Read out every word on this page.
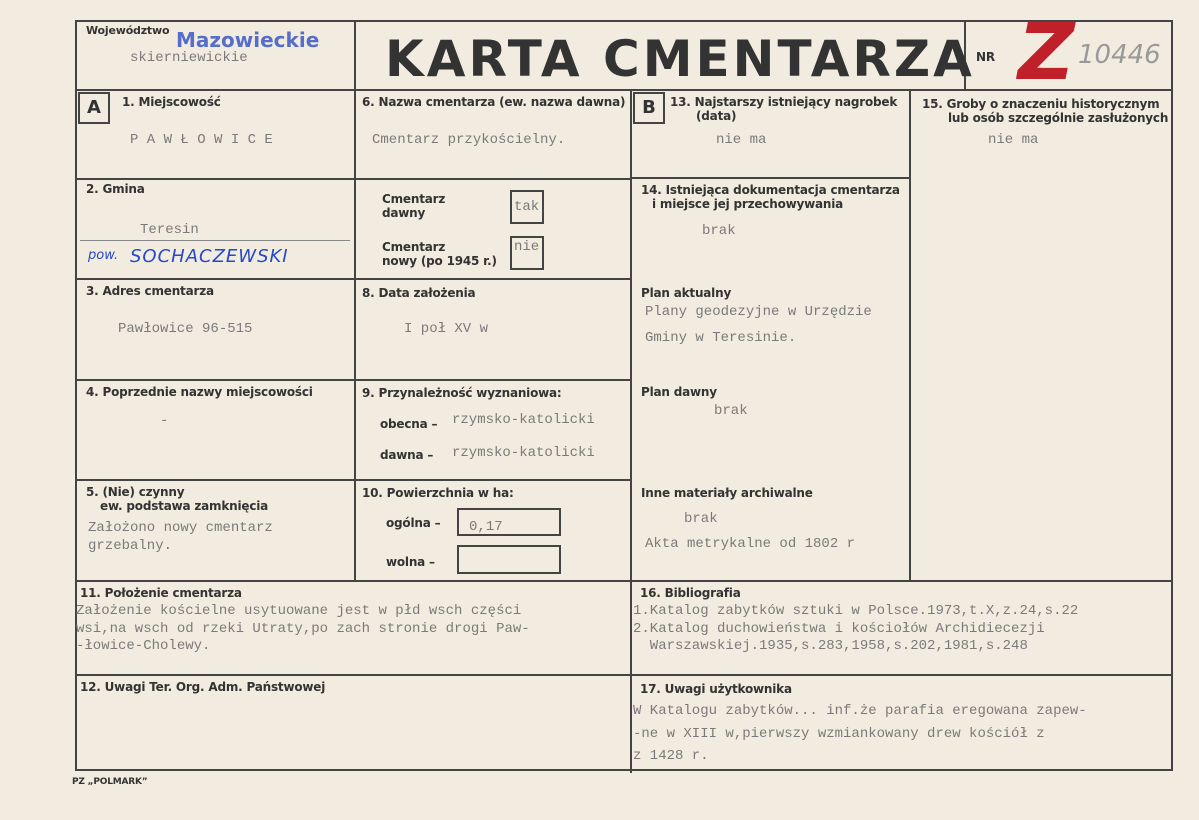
Województwo Mazowieckie
skierniewickie	KARTA CMENTARZA NR Z 10446
A	B
1. Miejscowość
P A W Ł O W I C E
2. Gmina
Teresin
pow. SOCHACZEWSKI
3. Adres cmentarza
Pawłowice 96-515
4. Poprzednie nazwy miejscowości
-
5. (Nie) czynny
ew. podstawa zamknięcia
Założono nowy cmentarz
grzebalny.
6. Nazwa cmentarza (ew. nazwa dawna)
Cmentarz przykościelny.
Cmentarz
dawny	tak
Cmentarz
nowy (po 1945 r.)
nie
8. Data założenia
I poł XV w
9. Przynależność wyznaniowa:
obecna – rzymsko-katolicki
dawna – rzymsko-katolicki
10. Powierzchnia w ha:
ogólna –	0,17
wolna –
13. Najstarszy istniejący nagrobek
(data)
nie ma
14. Istniejąca dokumentacja cmentarza
i miejsce jej przechowywania
brak
Plan aktualny
Plany geodezyjne w Urzędzie
Gminy w Teresinie.
Plan dawny
brak
Inne materiały archiwalne
brak
Akta metrykalne od 1802 r
15. Groby o znaczeniu historycznym
lub osób szczególnie zasłużonych
nie ma
11. Położenie cmentarza
Założenie kościelne usytuowane jest w płd wsch części
wsi,na wsch od rzeki Utraty,po zach stronie drogi Paw-
-łowice-Cholewy.
12. Uwagi Ter. Org. Adm. Państwowej
16. Bibliografia
1.Katalog zabytków sztuki w Polsce.1973,t.X,z.24,s.22
2.Katalog duchowieństwa i kościołów Archidiecezji
Warszawskiej.1935,s.283,1958,s.202,1981,s.248
17. Uwagi użytkownika
W Katalogu zabytków... inf.że parafia eregowana zapew-
-ne w XIII w,pierwszy wzmiankowany drew kościół z
z 1428 r.
PZ „POLMARK”
